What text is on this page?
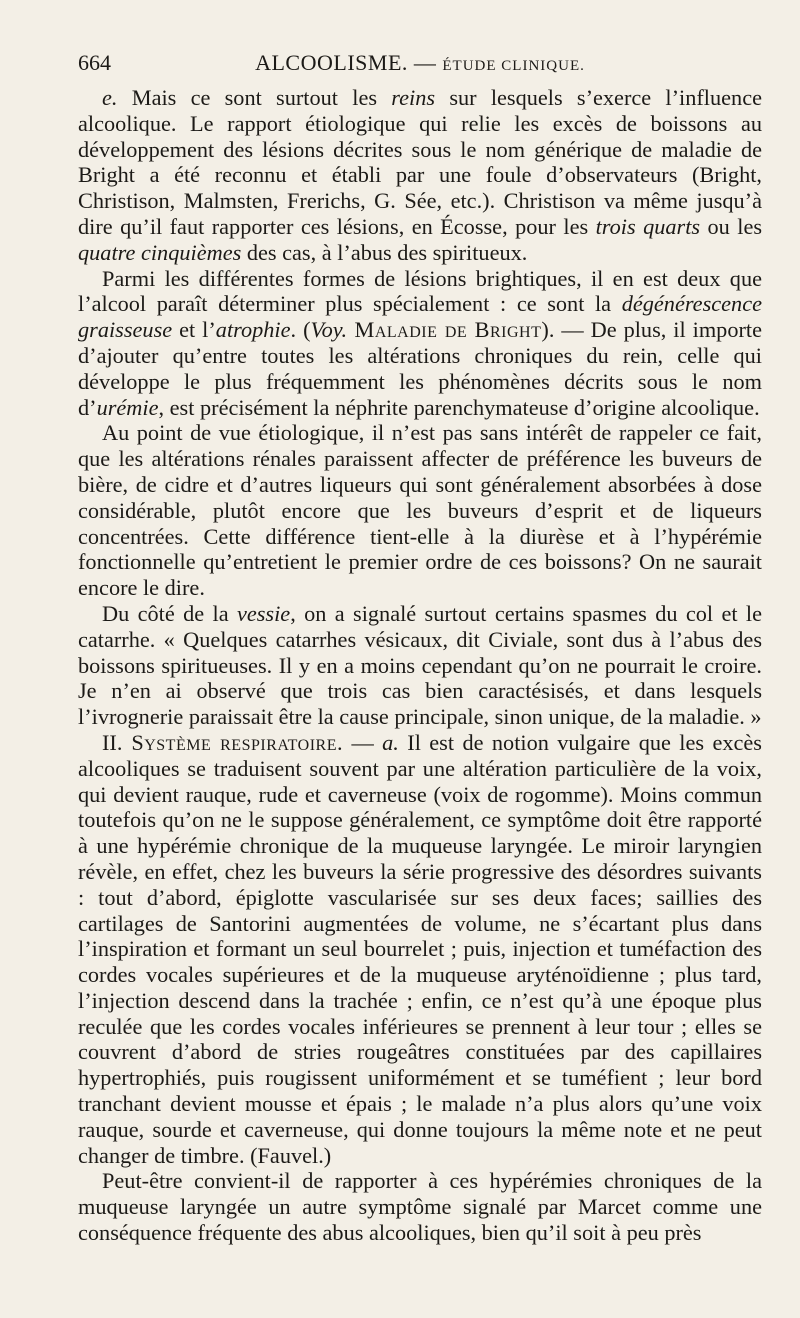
664	ALCOOLISME. — ÉTUDE CLINIQUE.

e. Mais ce sont surtout les reins sur lesquels s’exerce l’influence alcoolique. Le rapport étiologique qui relie les excès de boissons au développement des lésions décrites sous le nom générique de maladie de Bright a été reconnu et établi par une foule d’observateurs (Bright, Christison, Malmsten, Frerichs, G. Sée, etc.). Christison va même jusqu’à dire qu’il faut rapporter ces lésions, en Écosse, pour les trois quarts ou les quatre cinquièmes des cas, à l’abus des spiritueux.

Parmi les différentes formes de lésions brightiques, il en est deux que l’alcool paraît déterminer plus spécialement : ce sont la dégénérescence graisseuse et l’atrophie. (Voy. Maladie de Bright). — De plus, il importe d’ajouter qu’entre toutes les altérations chroniques du rein, celle qui développe le plus fréquemment les phénomènes décrits sous le nom d’urémie, est précisément la néphrite parenchymateuse d’origine alcoolique.

Au point de vue étiologique, il n’est pas sans intérêt de rappeler ce fait, que les altérations rénales paraissent affecter de préférence les buveurs de bière, de cidre et d’autres liqueurs qui sont généralement absorbées à dose considérable, plutôt encore que les buveurs d’esprit et de liqueurs concentrées. Cette différence tient-elle à la diurèse et à l’hypérémie fonctionnelle qu’entretient le premier ordre de ces boissons? On ne saurait encore le dire.

Du côté de la vessie, on a signalé surtout certains spasmes du col et le catarrhe. « Quelques catarrhes vésicaux, dit Civiale, sont dus à l’abus des boissons spiritueuses. Il y en a moins cependant qu’on ne pourrait le croire. Je n’en ai observé que trois cas bien caractésisés, et dans lesquels l’ivrognerie paraissait être la cause principale, sinon unique, de la maladie. »

II. Système respiratoire. — a. Il est de notion vulgaire que les excès alcooliques se traduisent souvent par une altération particulière de la voix, qui devient rauque, rude et caverneuse (voix de rogomme). Moins commun toutefois qu’on ne le suppose généralement, ce symptôme doit être rapporté à une hypérémie chronique de la muqueuse laryngée. Le miroir laryngien révèle, en effet, chez les buveurs la série progressive des désordres suivants : tout d’abord, épiglotte vascularisée sur ses deux faces; saillies des cartilages de Santorini augmentées de volume, ne s’écartant plus dans l’inspiration et formant un seul bourrelet ; puis, injection et tuméfaction des cordes vocales supérieures et de la muqueuse aryténoïdienne ; plus tard, l’injection descend dans la trachée ; enfin, ce n’est qu’à une époque plus reculée que les cordes vocales inférieures se prennent à leur tour ; elles se couvrent d’abord de stries rougeâtres constituées par des capillaires hypertrophiés, puis rougissent uniformément et se tuméfient ; leur bord tranchant devient mousse et épais ; le malade n’a plus alors qu’une voix rauque, sourde et caverneuse, qui donne toujours la même note et ne peut changer de timbre. (Fauvel.)

Peut-être convient-il de rapporter à ces hypérémies chroniques de la muqueuse laryngée un autre symptôme signalé par Marcet comme une conséquence fréquente des abus alcooliques, bien qu’il soit à peu près
